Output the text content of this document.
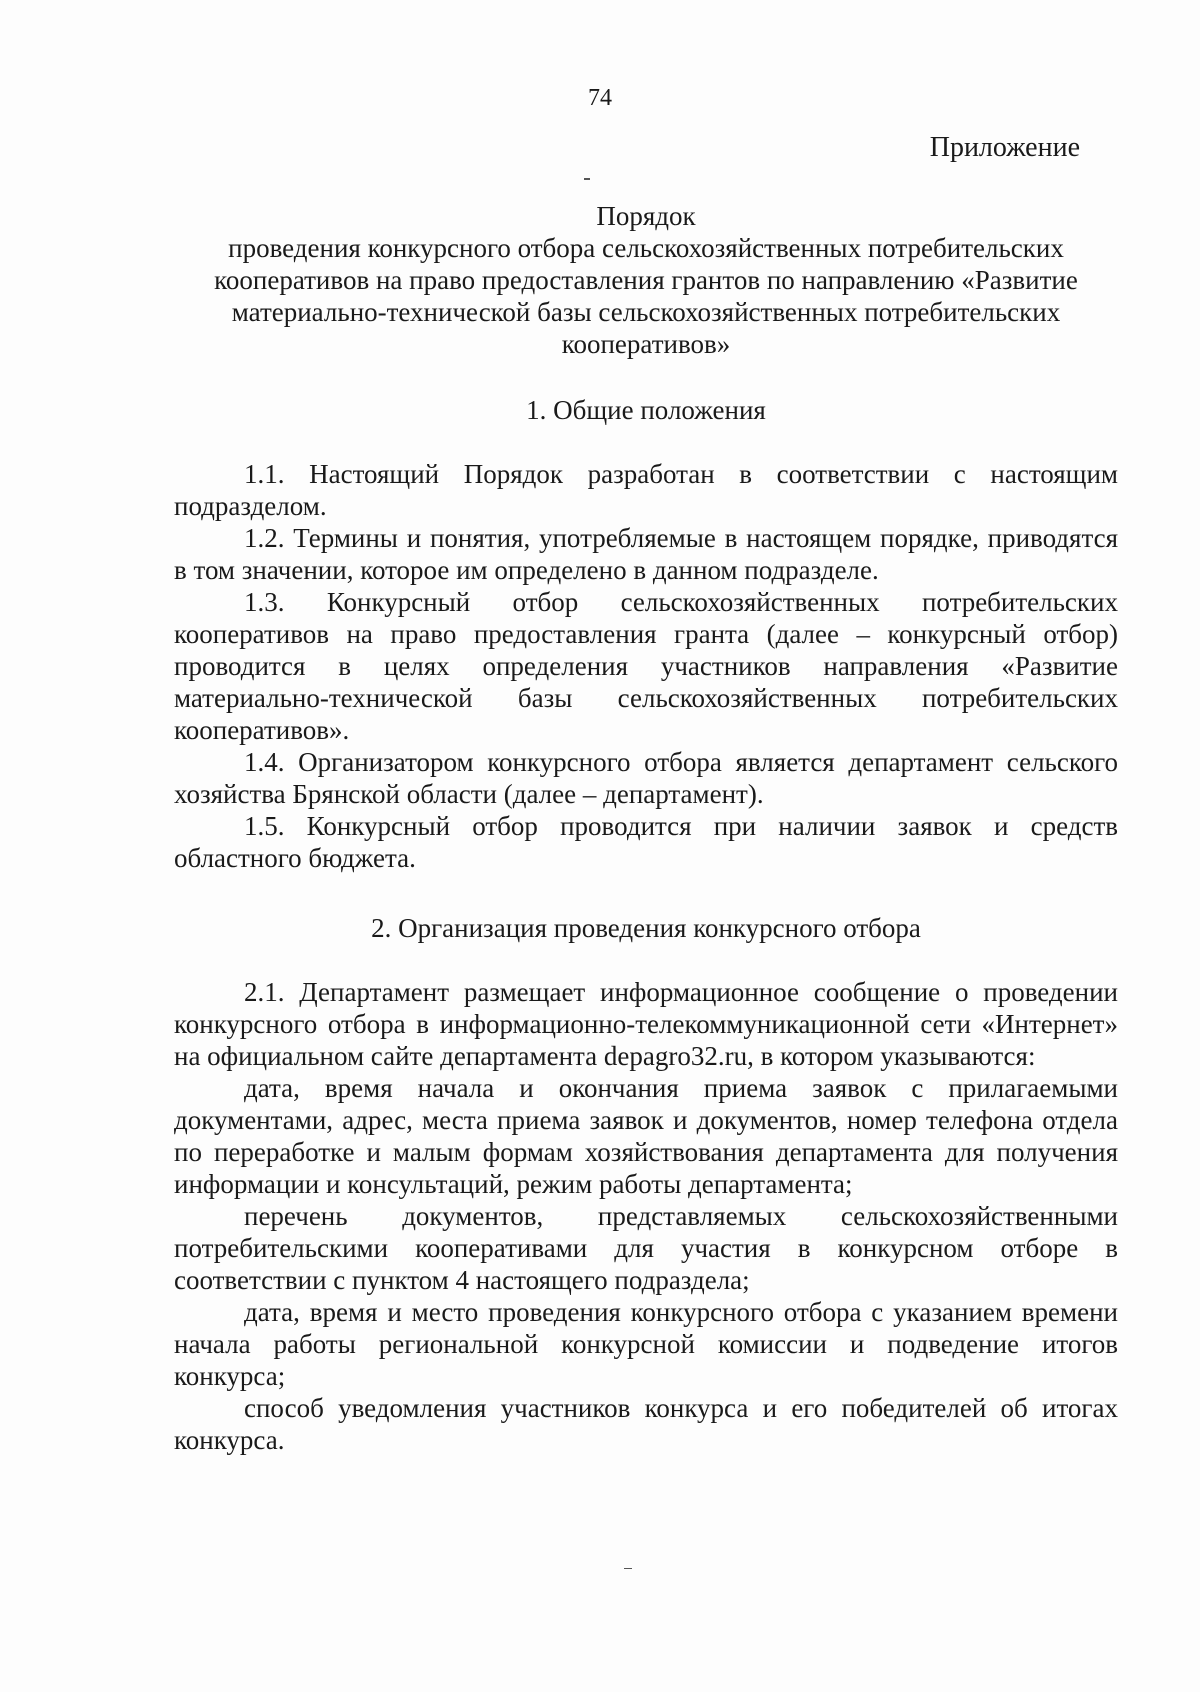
74
Приложение
Порядок

проведения конкурсного отбора сельскохозяйственных потребительских кооперативов на право предоставления грантов по направлению «Развитие материально-технической базы сельскохозяйственных потребительских кооперативов»

1. Общие положения

1.1. Настоящий Порядок разработан в соответствии с настоящим подразделом.

1.2. Термины и понятия, употребляемые в настоящем порядке, приводятся в том значении, которое им определено в данном подразделе.

1.3. Конкурсный отбор сельскохозяйственных потребительских кооперативов на право предоставления гранта (далее – конкурсный отбор) проводится в целях определения участников направления «Развитие материально-технической базы сельскохозяйственных потребительских кооперативов».

1.4. Организатором конкурсного отбора является департамент сельского хозяйства Брянской области (далее – департамент).

1.5. Конкурсный отбор проводится при наличии заявок и средств областного бюджета.

2. Организация проведения конкурсного отбора

2.1. Департамент размещает информационное сообщение о проведении конкурсного отбора в информационно-телекоммуникационной сети «Интернет» на официальном сайте департамента depagro32.ru, в котором указываются:

дата, время начала и окончания приема заявок с прилагаемыми документами, адрес, места приема заявок и документов, номер телефона отдела по переработке и малым формам хозяйствования департамента для получения информации и консультаций, режим работы департамента;

перечень документов, представляемых сельскохозяйственными потребительскими кооперативами для участия в конкурсном отборе в соответствии с пунктом 4 настоящего подраздела;

дата, время и место проведения конкурсного отбора с указанием времени начала работы региональной конкурсной комиссии и подведение итогов конкурса;

способ уведомления участников конкурса и его победителей об итогах конкурса.
